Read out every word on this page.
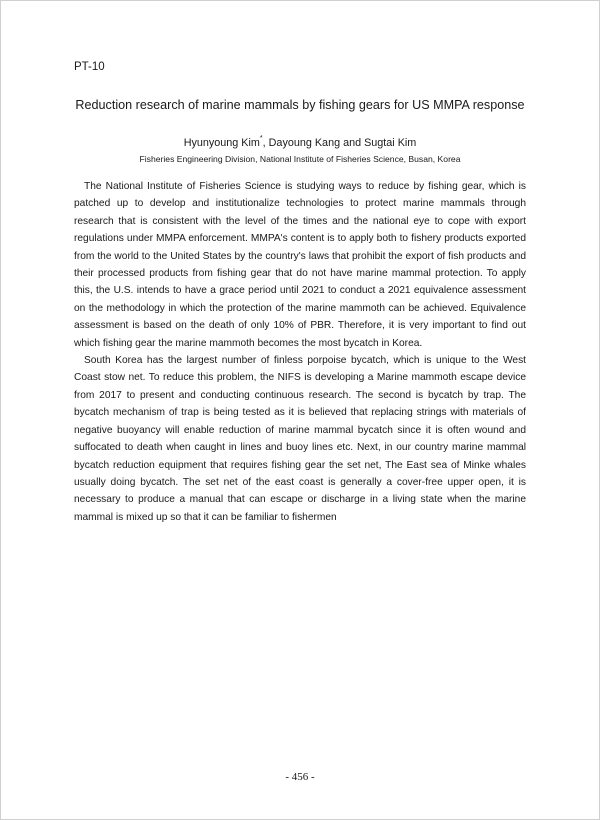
PT-10
Reduction research of marine mammals by fishing gears for US MMPA response
Hyunyoung Kim*, Dayoung Kang and Sugtai Kim
Fisheries Engineering Division, National Institute of Fisheries Science, Busan, Korea

The National Institute of Fisheries Science is studying ways to reduce by fishing gear, which is patched up to develop and institutionalize technologies to protect marine mammals through research that is consistent with the level of the times and the national eye to cope with export regulations under MMPA enforcement. MMPA's content is to apply both to fishery products exported from the world to the United States by the country's laws that prohibit the export of fish products and their processed products from fishing gear that do not have marine mammal protection. To apply this, the U.S. intends to have a grace period until 2021 to conduct a 2021 equivalence assessment on the methodology in which the protection of the marine mammoth can be achieved. Equivalence assessment is based on the death of only 10% of PBR. Therefore, it is very important to find out which fishing gear the marine mammoth becomes the most bycatch in Korea.

South Korea has the largest number of finless porpoise bycatch, which is unique to the West Coast stow net. To reduce this problem, the NIFS is developing a Marine mammoth escape device from 2017 to present and conducting continuous research. The second is bycatch by trap. The bycatch mechanism of trap is being tested as it is believed that replacing strings with materials of negative buoyancy will enable reduction of marine mammal bycatch since it is often wound and suffocated to death when caught in lines and buoy lines etc. Next, in our country marine mammal bycatch reduction equipment that requires fishing gear the set net, The East sea of Minke whales usually doing bycatch. The set net of the east coast is generally a cover-free upper open, it is necessary to produce a manual that can escape or discharge in a living state when the marine mammal is mixed up so that it can be familiar to fishermen

- 456 -
